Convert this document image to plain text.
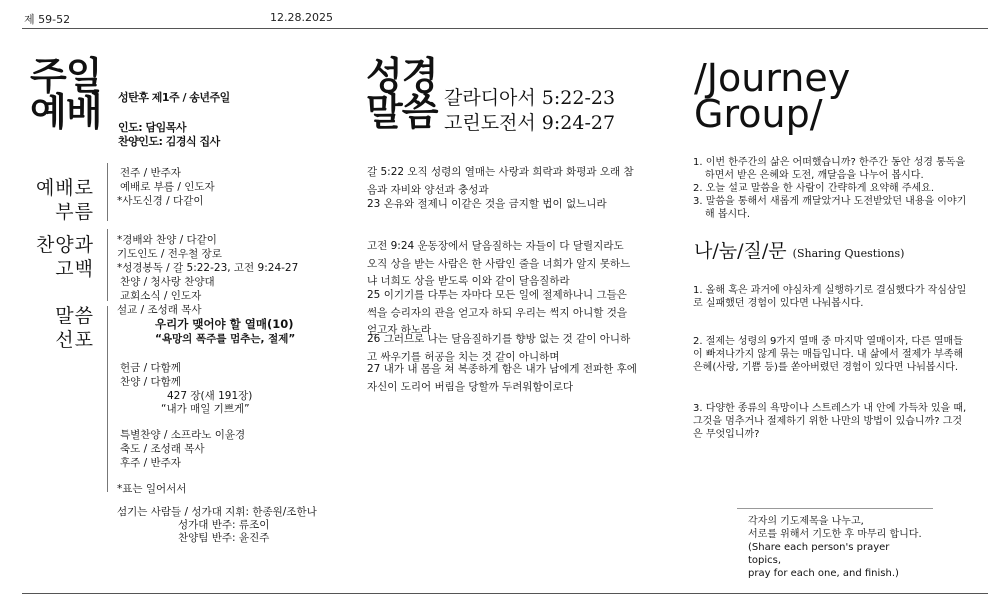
제 59-52	12.28.2025
주일
예배 성탄후 제1주 / 송년주일
인도: 담임목사
찬양인도: 김경식 집사
예배로
부름
찬양과
고백
말씀
선포
전주 / 반주자
예배로 부름 / 인도자
*사도신경 / 다같이
*경배와 찬양 / 다같이
기도인도 / 전우철 장로
*성경봉독 / 갈 5:22-23, 고전 9:24-27
찬양 / 청사랑 찬양대
교회소식 / 인도자
설교 / 조성래 목사
우리가 맺어야 할 열매(10)
“욕망의 폭주를 멈추는, 절제”
헌금 / 다함께
찬양 / 다함께
427 장(새 191장)
“내가 매일 기쁘게”
특별찬양 / 소프라노 이윤경
축도 / 조성래 목사
후주 / 반주자
*표는 일어서서
섬기는 사람들 / 성가대 지휘: 한종원/조한나
성가대 반주: 류조이
찬양팀 반주: 윤진주
성경
말씀 갈라디아서 5:22-23
고린도전서 9:24-27
갈 5:22 오직 성령의 열매는 사랑과 희락과 화평과 오래 참음과 자비와 양선과 충성과
23 온유와 절제니 이같은 것을 금지할 법이 없느니라
고전 9:24 운동장에서 달음질하는 자들이 다 달릴지라도 오직 상을 받는 사람은 한 사람인 줄을 너희가 알지 못하느냐 너희도 상을 받도록 이와 같이 달음질하라
25 이기기를 다투는 자마다 모든 일에 절제하나니 그들은 썩을 승리자의 관을 얻고자 하되 우리는 썩지 아니할 것을 얻고자 하노라
26 그러므로 나는 달음질하기를 향방 없는 것 같이 아니하고 싸우기를 허공을 치는 것 같이 아니하며
27 내가 내 몸을 쳐 복종하게 함은 내가 남에게 전파한 후에 자신이 도리어 버림을 당할까 두려워함이로다
/Journey
Group/
1. 이번 한주간의 삶은 어떠했습니까? 한주간 동안 성경 통독을 하면서 받은 은혜와 도전, 깨달음을 나누어 봅시다.
2. 오늘 설교 말씀을 한 사람이 간략하게 요약해 주세요.
3. 말씀을 통해서 새롭게 깨달았거나 도전받았던 내용을 이야기해 봅시다.
나/눔/질/문 (Sharing Questions)
1. 올해 혹은 과거에 야심차게 실행하기로 결심했다가 작심삼일로 실패했던 경험이 있다면 나눠봅시다.
2. 절제는 성령의 9가지 열매 중 마지막 열매이자, 다른 열매들이 빠져나가지 않게 묶는 매듭입니다. 내 삶에서 절제가 부족해 은혜(사랑, 기쁨 등)를 쏟아버렸던 경험이 있다면 나눠봅시다.
3. 다양한 종류의 욕망이나 스트레스가 내 안에 가득차 있을 때, 그것을 멈추거나 절제하기 위한 나만의 방법이 있습니까? 그것은 무엇입니까?
각자의 기도제목을 나누고,
서로를 위해서 기도한 후 마무리 합니다.
(Share each person's prayer topics,
pray for each one, and finish.)
